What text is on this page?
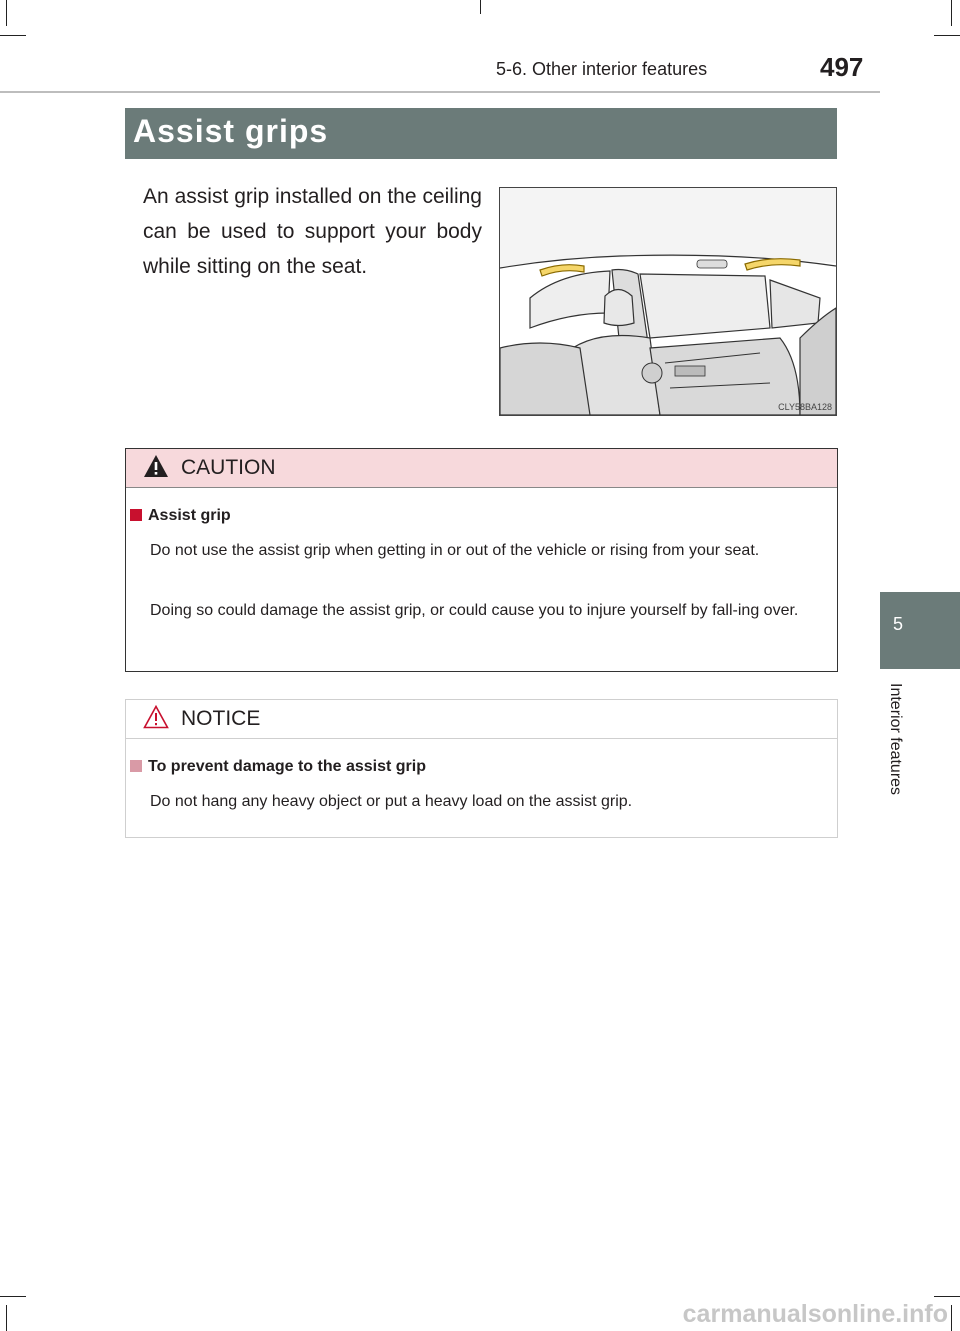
5-6. Other interior features	497
Assist grips
An assist grip installed on the ceiling can be used to support your body while sitting on the seat.
CLY58BA128
CAUTION
Assist grip
Do not use the assist grip when getting in or out of the vehicle or rising from your seat.
Doing so could damage the assist grip, or could cause you to injure yourself by fall-ing over.
NOTICE
To prevent damage to the assist grip
Do not hang any heavy object or put a heavy load on the assist grip.
5
Interior features
carmanualsonline.info
